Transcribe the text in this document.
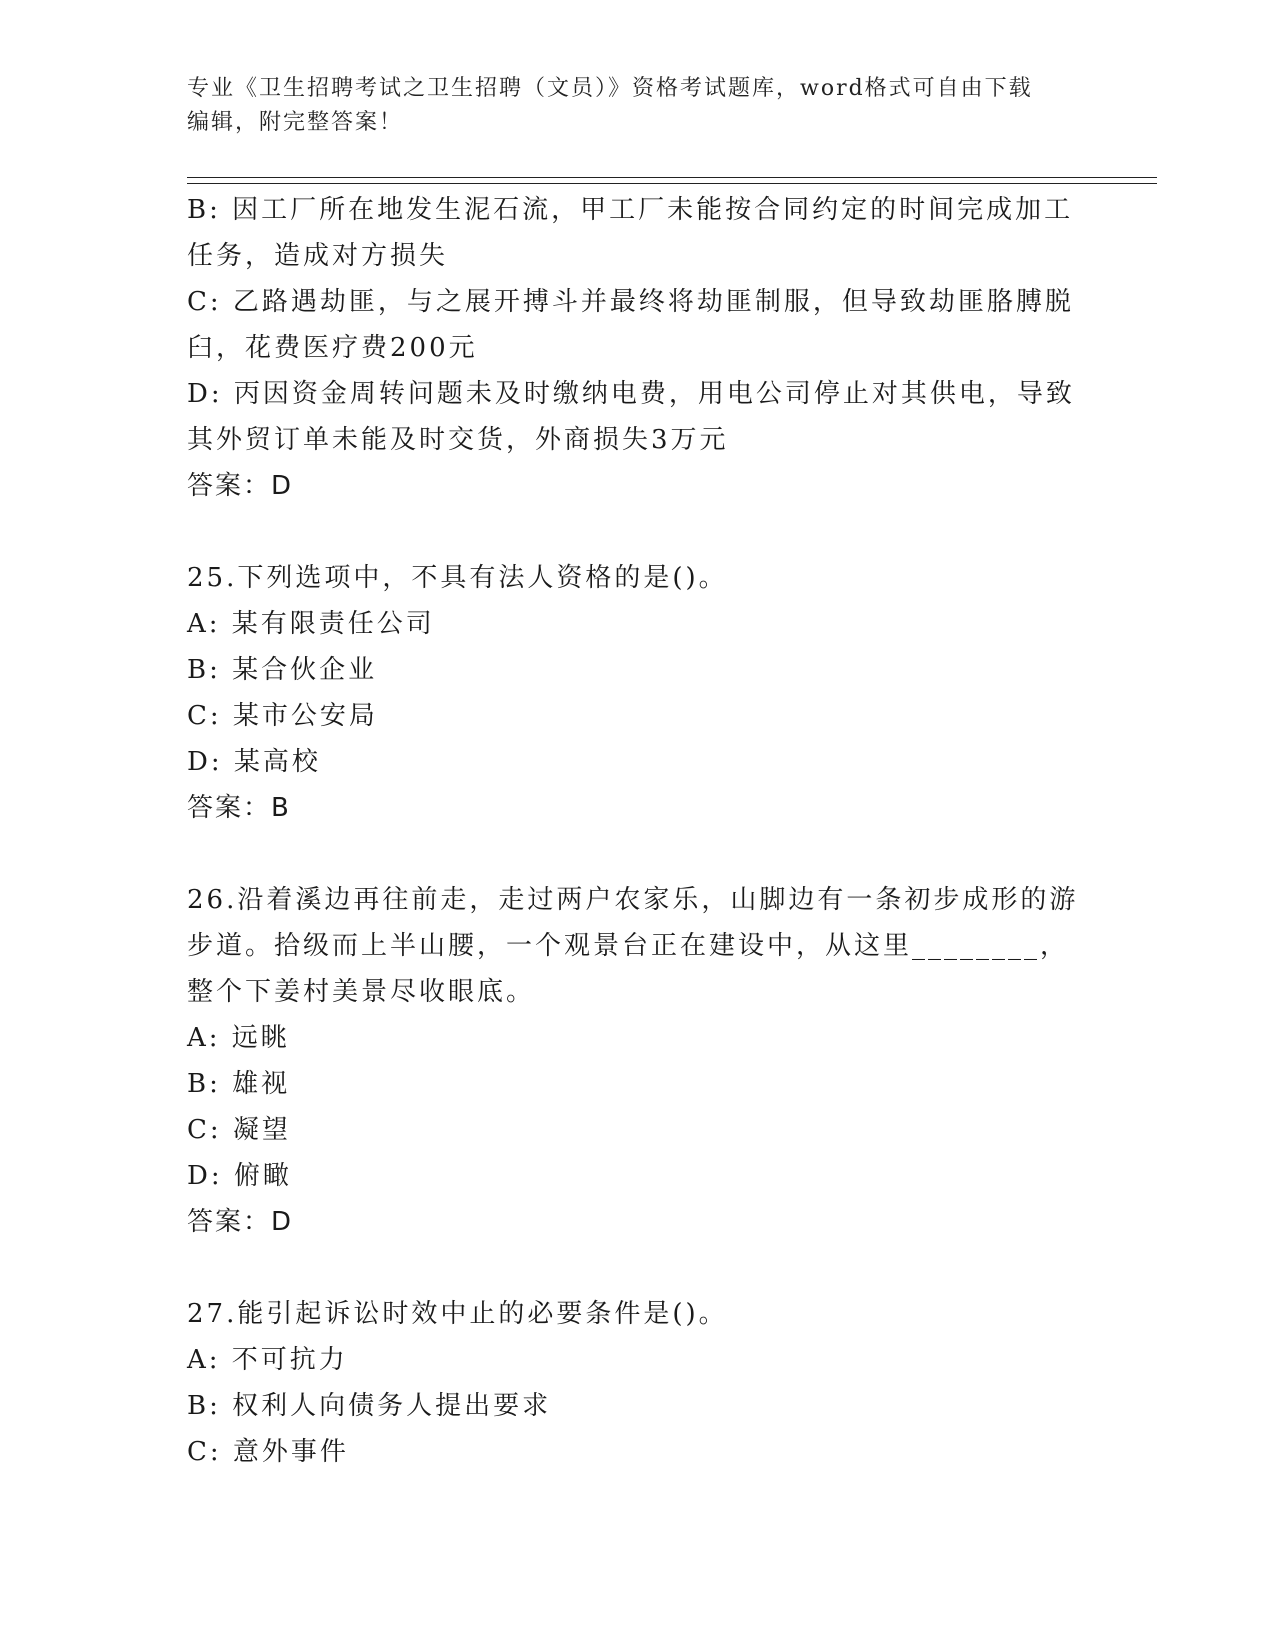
专业《卫生招聘考试之卫生招聘（文员）》资格考试题库，word格式可自由下载
编辑，附完整答案！
B: 因工厂所在地发生泥石流，甲工厂未能按合同约定的时间完成加工
任务，造成对方损失
C: 乙路遇劫匪，与之展开搏斗并最终将劫匪制服，但导致劫匪胳膊脱
臼，花费医疗费200元
D: 丙因资金周转问题未及时缴纳电费，用电公司停止对其供电，导致
其外贸订单未能及时交货，外商损失3万元
答案：D
25.下列选项中，不具有法人资格的是()。
A: 某有限责任公司
B: 某合伙企业
C: 某市公安局
D: 某高校
答案：B
26.沿着溪边再往前走，走过两户农家乐，山脚边有一条初步成形的游
步道。拾级而上半山腰，一个观景台正在建设中，从这里________，
整个下姜村美景尽收眼底。
A: 远眺
B: 雄视
C: 凝望
D: 俯瞰
答案：D
27.能引起诉讼时效中止的必要条件是()。
A: 不可抗力
B: 权利人向债务人提出要求
C: 意外事件
